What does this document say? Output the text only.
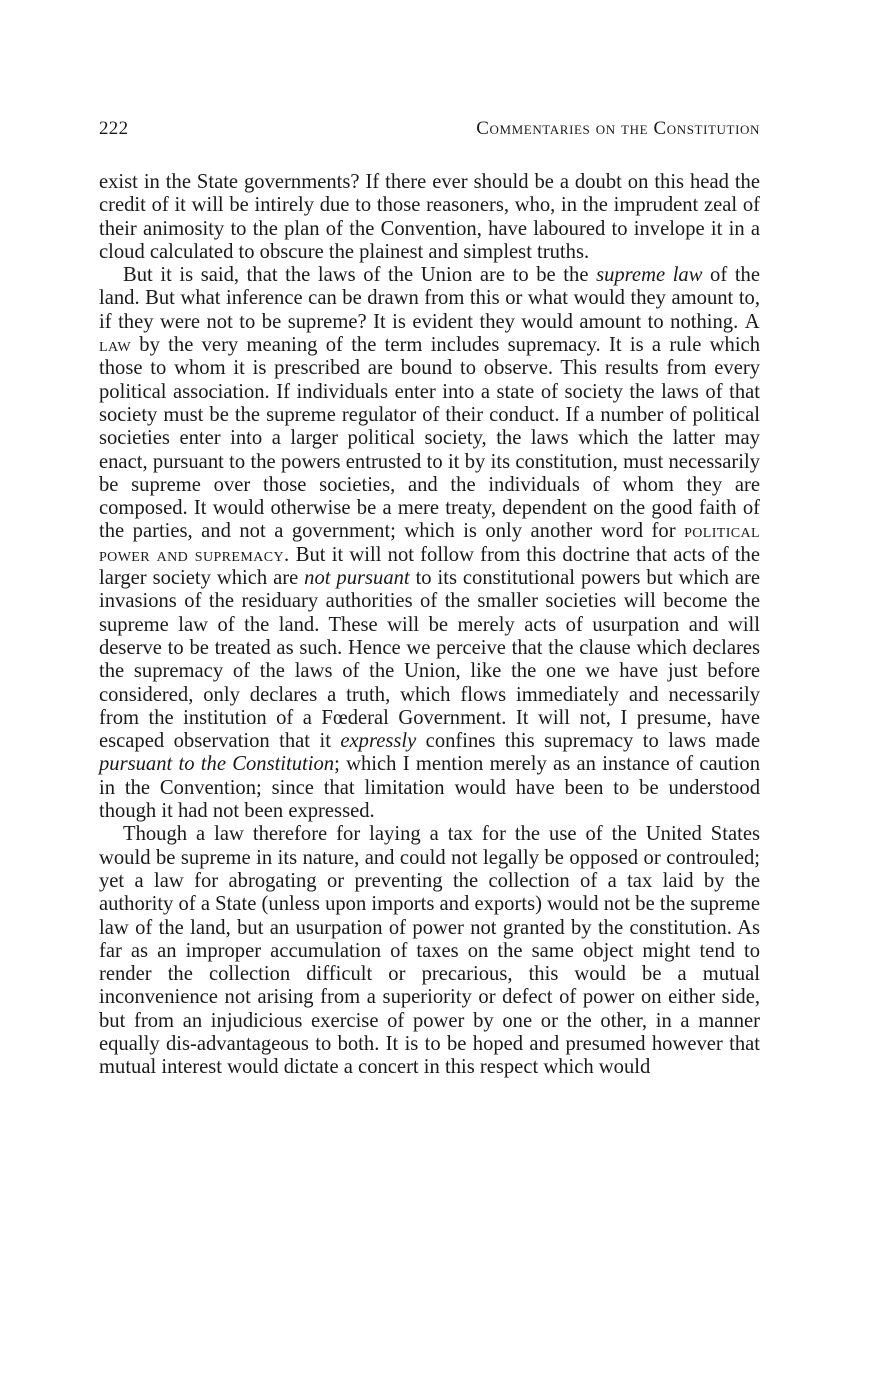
222	Commentaries on the Constitution

exist in the State governments? If there ever should be a doubt on this head the credit of it will be intirely due to those reasoners, who, in the imprudent zeal of their animosity to the plan of the Convention, have laboured to invelope it in a cloud calculated to obscure the plainest and simplest truths.

But it is said, that the laws of the Union are to be the supreme law of the land. But what inference can be drawn from this or what would they amount to, if they were not to be supreme? It is evident they would amount to nothing. A law by the very meaning of the term includes supremacy. It is a rule which those to whom it is prescribed are bound to observe. This results from every political association. If individuals enter into a state of society the laws of that society must be the supreme regulator of their conduct. If a number of political societies enter into a larger political society, the laws which the latter may enact, pursuant to the powers entrusted to it by its constitution, must necessarily be supreme over those societies, and the individuals of whom they are composed. It would otherwise be a mere treaty, dependent on the good faith of the parties, and not a government; which is only another word for political power and supremacy. But it will not follow from this doctrine that acts of the larger society which are not pursuant to its constitutional powers but which are invasions of the residuary authorities of the smaller societies will become the supreme law of the land. These will be merely acts of usurpation and will deserve to be treated as such. Hence we perceive that the clause which declares the supremacy of the laws of the Union, like the one we have just before considered, only declares a truth, which flows immediately and necessarily from the institution of a Fœderal Government. It will not, I presume, have escaped observation that it expressly confines this supremacy to laws made pursuant to the Constitution; which I mention merely as an instance of caution in the Convention; since that limitation would have been to be understood though it had not been expressed.

Though a law therefore for laying a tax for the use of the United States would be supreme in its nature, and could not legally be opposed or controuled; yet a law for abrogating or preventing the collection of a tax laid by the authority of a State (unless upon imports and exports) would not be the supreme law of the land, but an usurpation of power not granted by the constitution. As far as an improper accumulation of taxes on the same object might tend to render the collection difficult or precarious, this would be a mutual inconvenience not arising from a superiority or defect of power on either side, but from an injudicious exercise of power by one or the other, in a manner equally dis-advantageous to both. It is to be hoped and presumed however that mutual interest would dictate a concert in this respect which would
